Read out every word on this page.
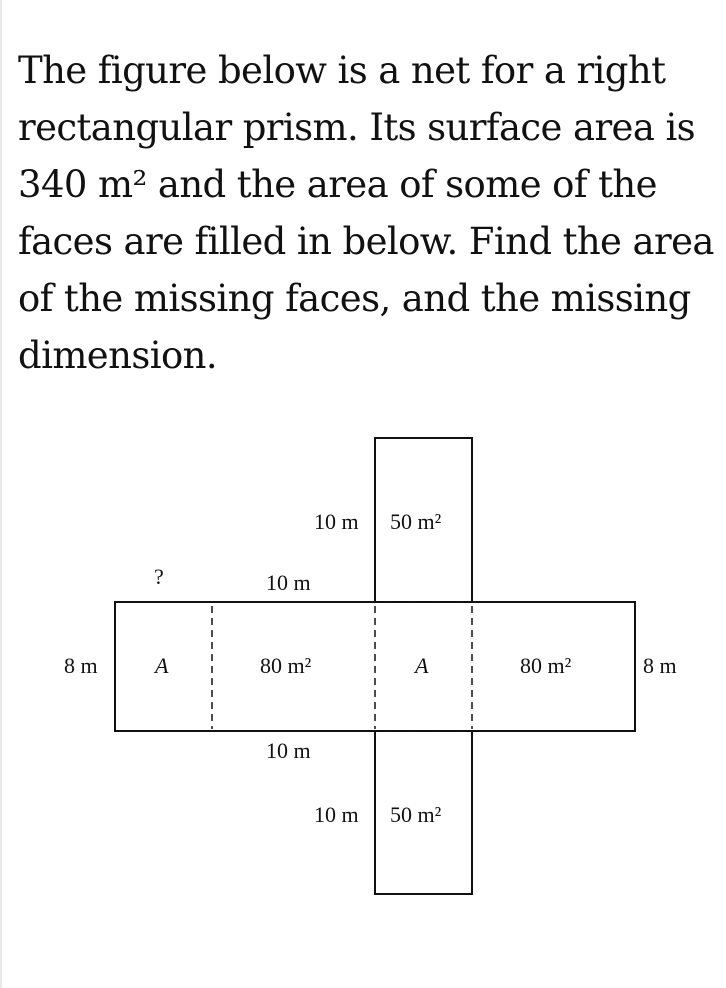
The figure below is a net for a right
rectangular prism. Its surface area is
340 m² and the area of some of the
faces are filled in below. Find the area
of the missing faces, and the missing
dimension.
10 m 50 m²
?	10 m
8 m	A	80 m²	A	80 m²	8 m
10 m
10 m 50 m²
